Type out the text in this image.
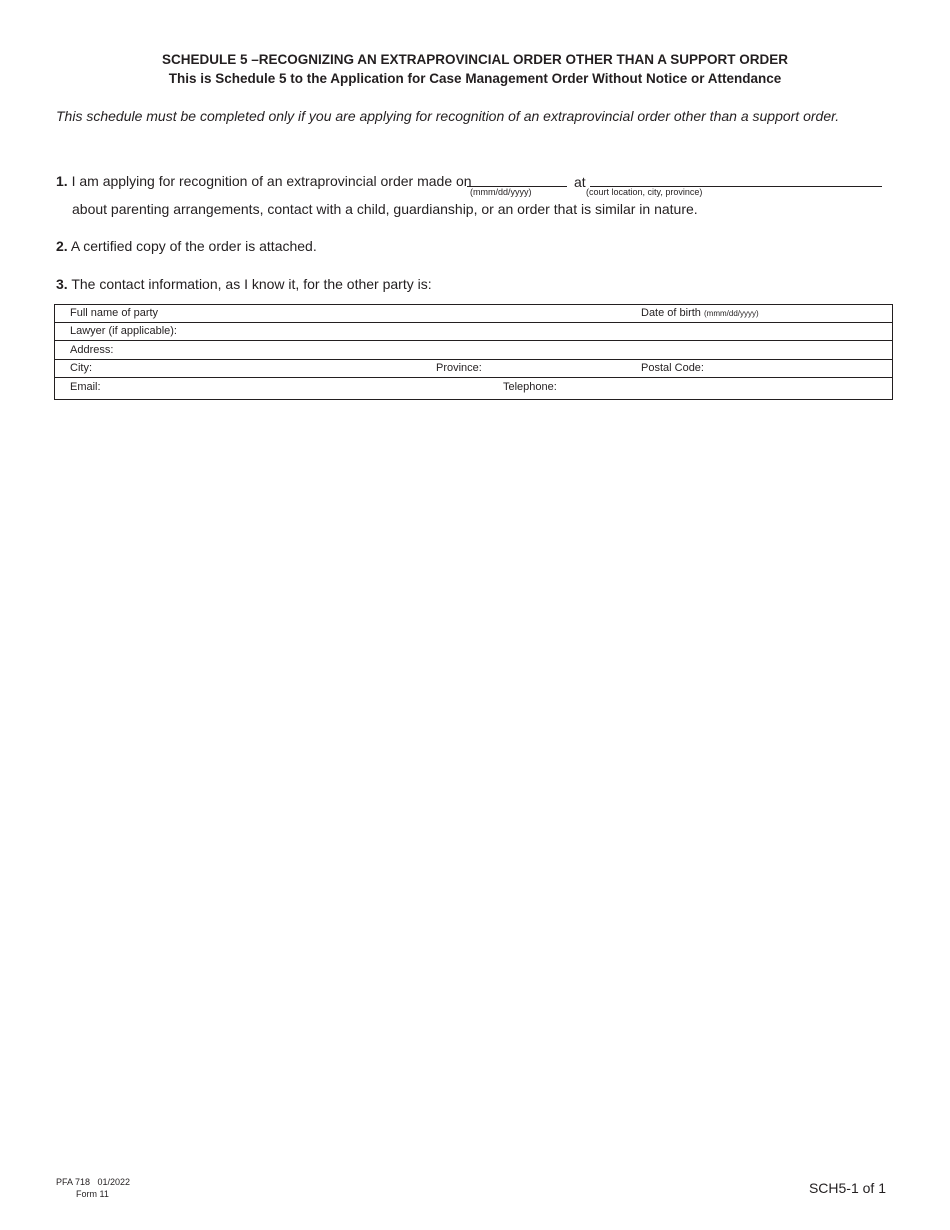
SCHEDULE 5 –RECOGNIZING AN EXTRAPROVINCIAL ORDER OTHER THAN A SUPPORT ORDER
This is Schedule 5 to the Application for Case Management Order Without Notice or Attendance
This schedule must be completed only if you are applying for recognition of an extraprovincial order other than a support order.
1. I am applying for recognition of an extraprovincial order made on
(mmm/dd/yyyy)
at
(court location, city, province)
about parenting arrangements, contact with a child, guardianship, or an order that is similar in nature.
2. A certified copy of the order is attached.
3. The contact information, as I know it, for the other party is:
Full name of party	Date of birth (mmm/dd/yyyy)
Lawyer (if applicable):
Address:
City:	Province:	Postal Code:
Email:	Telephone:
PFA 718   01/2022
Form 11	SCH5-1 of 1
